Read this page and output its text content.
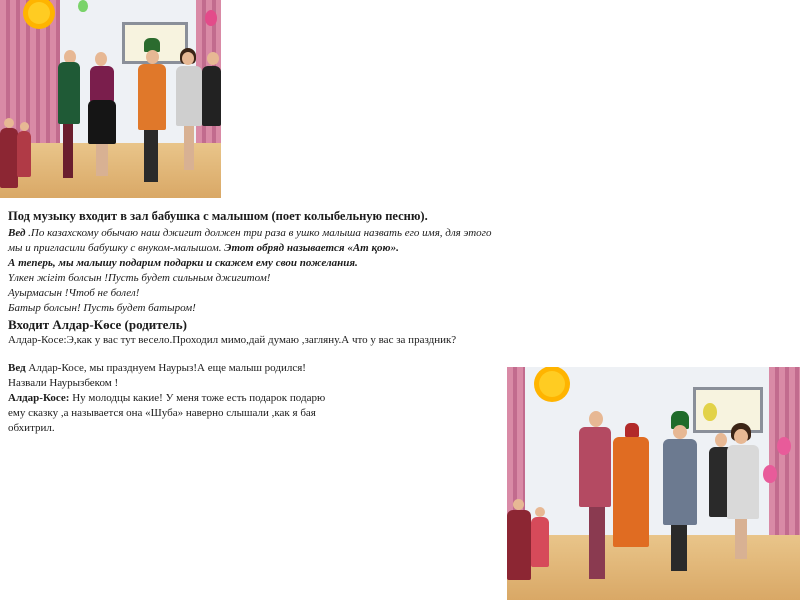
Под музыку входит в зал бабушка с малышом (поет колыбельную песню).

Вед .По казахскому обычаю наш джигит должен три раза в ушко малыша назвать его имя, для этого мы и пригласили бабушку с внуком-малышом. Этот обряд называется «Ат қою».

А теперь, мы малышу подарим подарки и скажем ему свои пожелания.

Үлкен жігіт болсын !Пусть будет сильным джигитом!

Ауырмасын !Чтоб не болел!

Батыр болсын! Пусть будет батыром!

Входит Алдар-Көсе (родитель)

Алдар-Косе:Э,как у вас тут весело.Проходил мимо,дай думаю ,загляну.А что у вас за праздник?

Вед Алдар-Косе, мы празднуем Наурыз!А еще малыш родился! Назвали Наурызбеком !

Алдар-Косе: Ну молодцы какие! У меня тоже есть подарок подарю ему сказку ,а называется она «Шуба» наверно слышали ,как я бая обхитрил.
